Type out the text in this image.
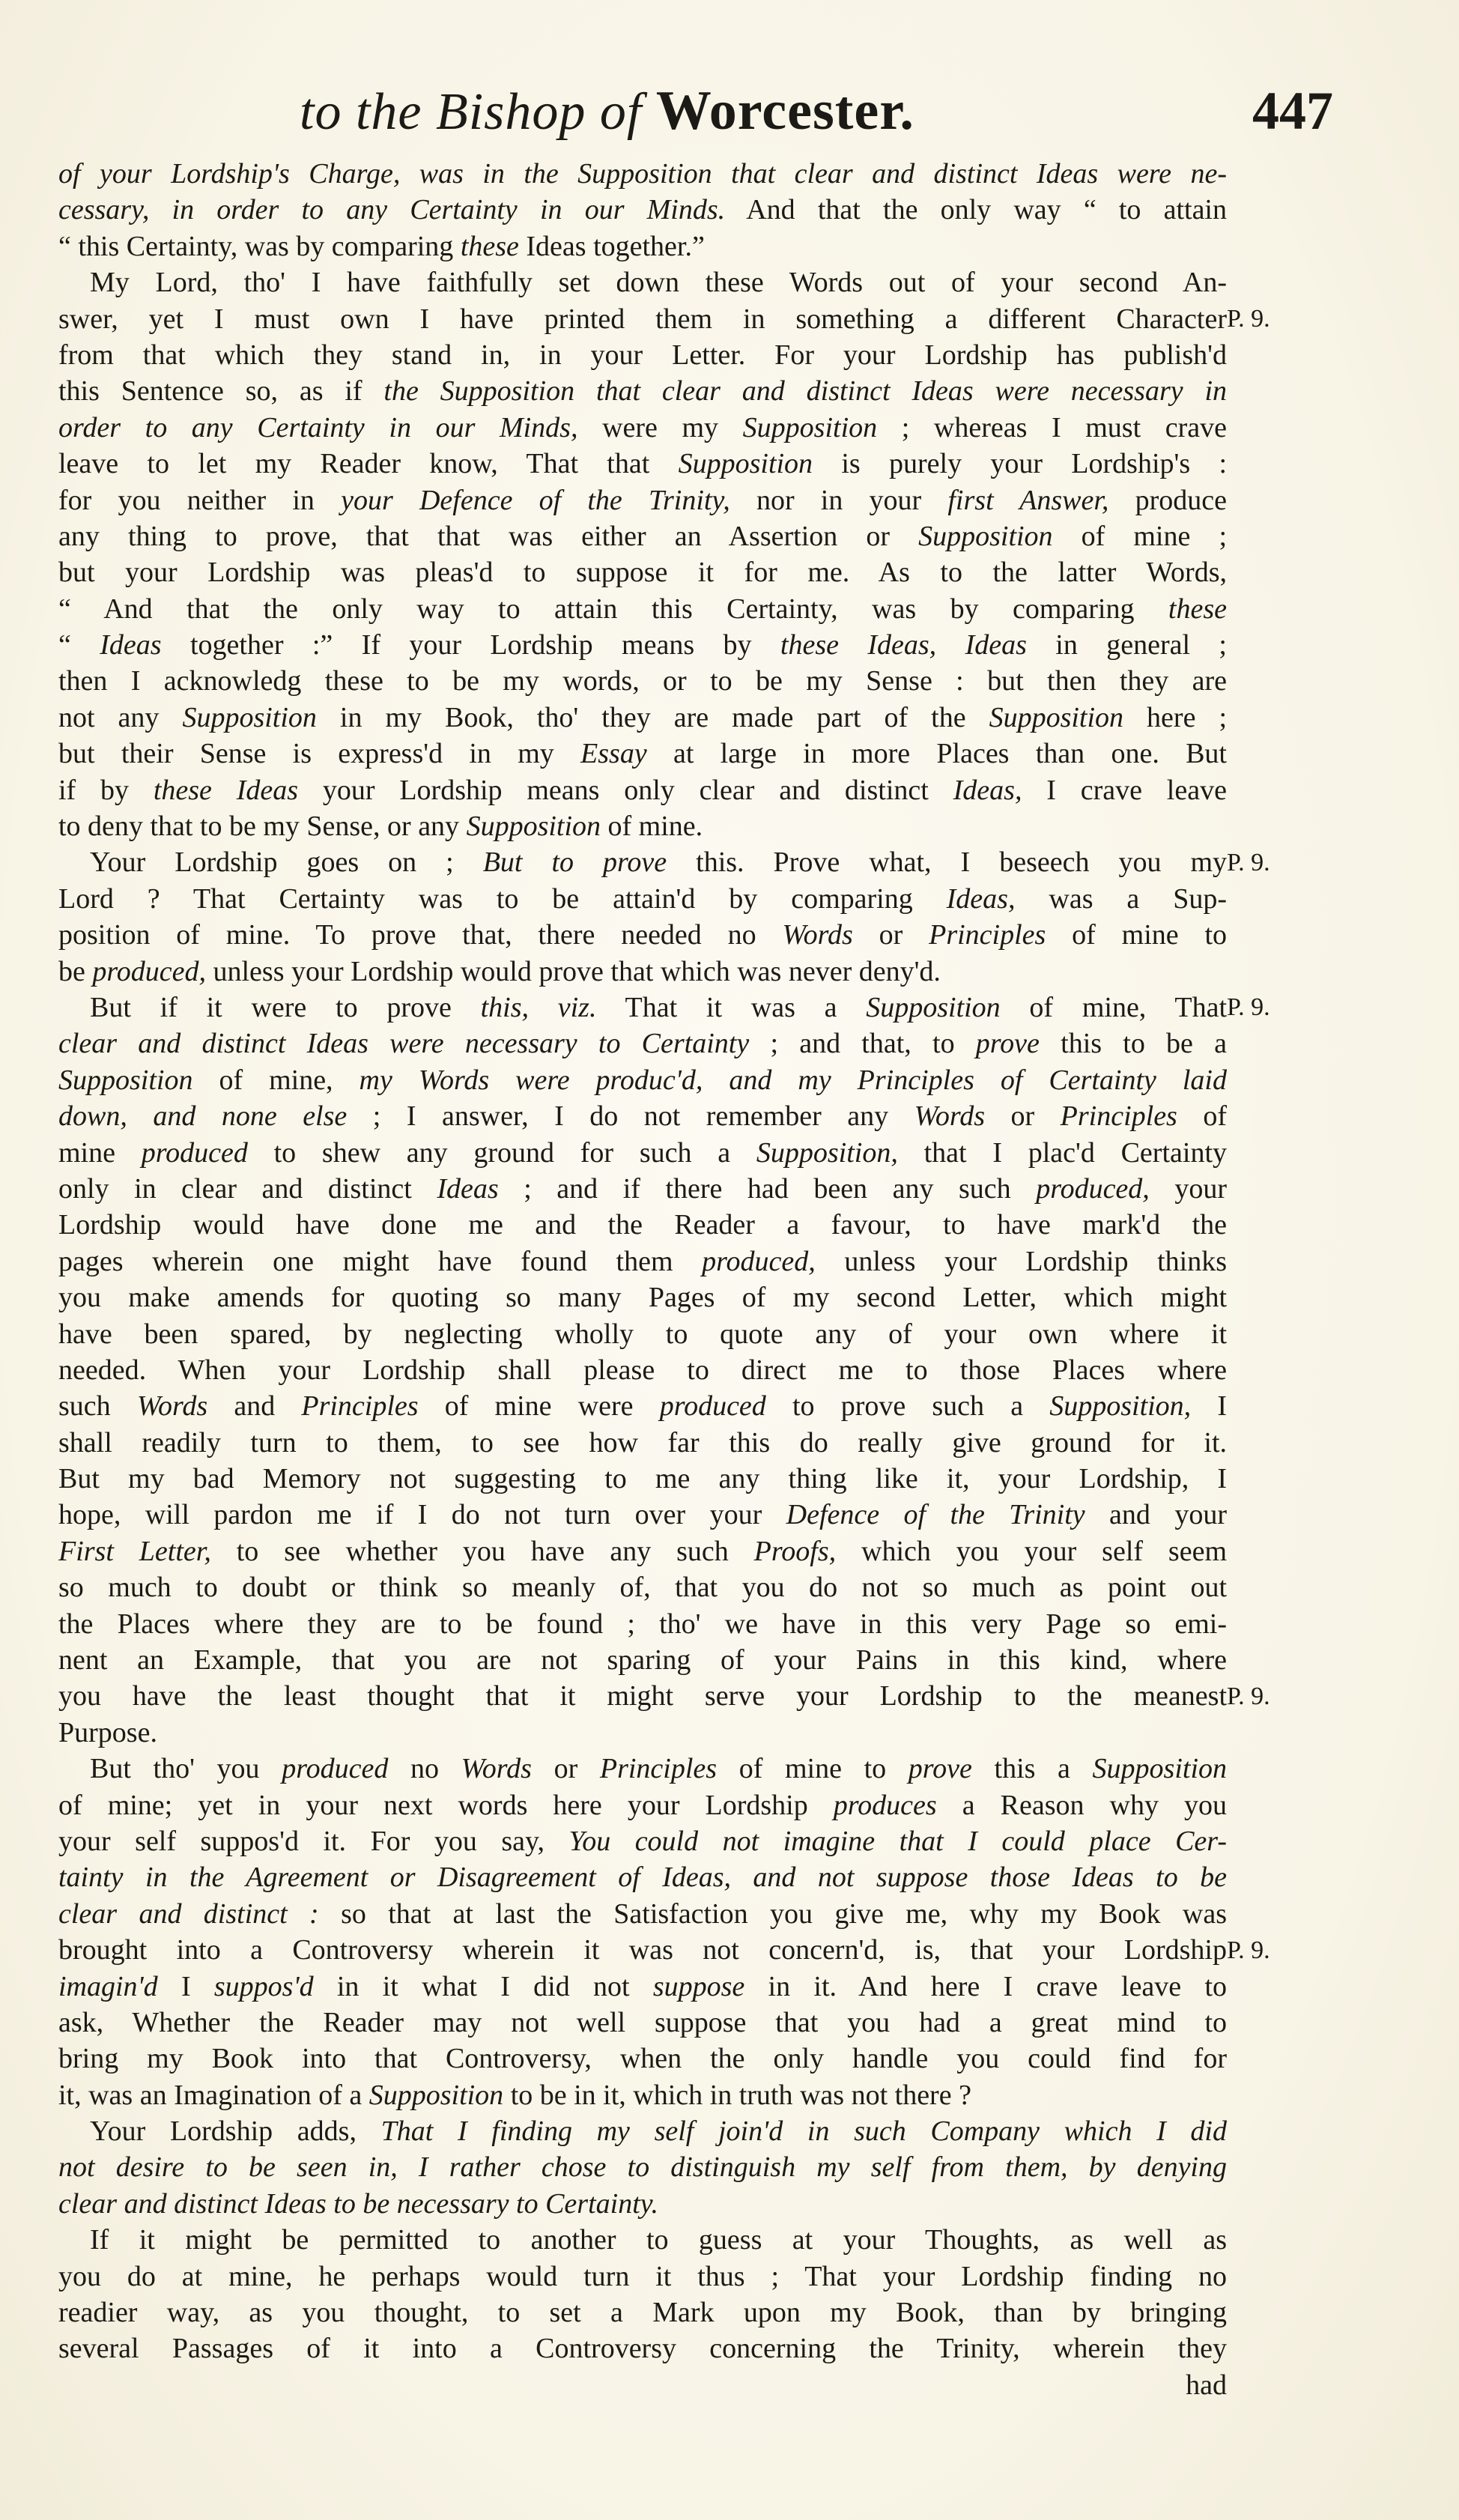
to the Bishop of Worcester.	447
of your Lordship's Charge, was in the Supposition that clear and distinct Ideas were ne-
cessary, in order to any Certainty in our Minds. And that the only way “ to attain
“ this Certainty, was by comparing these Ideas together.”
My Lord, tho' I have faithfully set down these Words out of your second An-
swer, yet I must own I have printed them in something a different Character
from that which they stand in, in your Letter. For your Lordship has publish'd
this Sentence so, as if the Supposition that clear and distinct Ideas were necessary in
order to any Certainty in our Minds, were my Supposition ; whereas I must crave
leave to let my Reader know, That that Supposition is purely your Lordship's :
for you neither in your Defence of the Trinity, nor in your first Answer, produce
any thing to prove, that that was either an Assertion or Supposition of mine ;
but your Lordship was pleas'd to suppose it for me. As to the latter Words,
“ And that the only way to attain this Certainty, was by comparing these
“ Ideas together :” If your Lordship means by these Ideas, Ideas in general ;
then I acknowledg these to be my words, or to be my Sense : but then they are
not any Supposition in my Book, tho' they are made part of the Supposition here ;
but their Sense is express'd in my Essay at large in more Places than one. But
if by these Ideas your Lordship means only clear and distinct Ideas, I crave leave
to deny that to be my Sense, or any Supposition of mine.
Your Lordship goes on ; But to prove this. Prove what, I beseech you my
Lord ? That Certainty was to be attain'd by comparing Ideas, was a Sup-
position of mine. To prove that, there needed no Words or Principles of mine to
be produced, unless your Lordship would prove that which was never deny'd.
But if it were to prove this, viz. That it was a Supposition of mine, That
clear and distinct Ideas were necessary to Certainty ; and that, to prove this to be a
Supposition of mine, my Words were produc'd, and my Principles of Certainty laid
down, and none else ; I answer, I do not remember any Words or Principles of
mine produced to shew any ground for such a Supposition, that I plac'd Certainty
only in clear and distinct Ideas ; and if there had been any such produced, your
Lordship would have done me and the Reader a favour, to have mark'd the
pages wherein one might have found them produced, unless your Lordship thinks
you make amends for quoting so many Pages of my second Letter, which might
have been spared, by neglecting wholly to quote any of your own where it
needed. When your Lordship shall please to direct me to those Places where
such Words and Principles of mine were produced to prove such a Supposition, I
shall readily turn to them, to see how far this do really give ground for it.
But my bad Memory not suggesting to me any thing like it, your Lordship, I
hope, will pardon me if I do not turn over your Defence of the Trinity and your
First Letter, to see whether you have any such Proofs, which you your self seem
so much to doubt or think so meanly of, that you do not so much as point out
the Places where they are to be found ; tho' we have in this very Page so emi-
nent an Example, that you are not sparing of your Pains in this kind, where
you have the least thought that it might serve your Lordship to the meanest
Purpose.
But tho' you produced no Words or Principles of mine to prove this a Supposition
of mine; yet in your next words here your Lordship produces a Reason why you
your self suppos'd it. For you say, You could not imagine that I could place Cer-
tainty in the Agreement or Disagreement of Ideas, and not suppose those Ideas to be
clear and distinct : so that at last the Satisfaction you give me, why my Book was
brought into a Controversy wherein it was not concern'd, is, that your Lordship
imagin'd I suppos'd in it what I did not suppose in it. And here I crave leave to
ask, Whether the Reader may not well suppose that you had a great mind to
bring my Book into that Controversy, when the only handle you could find for
it, was an Imagination of a Supposition to be in it, which in truth was not there ?
Your Lordship adds, That I finding my self join'd in such Company which I did
not desire to be seen in, I rather chose to distinguish my self from them, by denying
clear and distinct Ideas to be necessary to Certainty.
If it might be permitted to another to guess at your Thoughts, as well as
you do at mine, he perhaps would turn it thus ; That your Lordship finding no
readier way, as you thought, to set a Mark upon my Book, than by bringing
several Passages of it into a Controversy concerning the Trinity, wherein they
had
P. 9.
P. 9.
P. 9.
P. 9.
P. 9.
